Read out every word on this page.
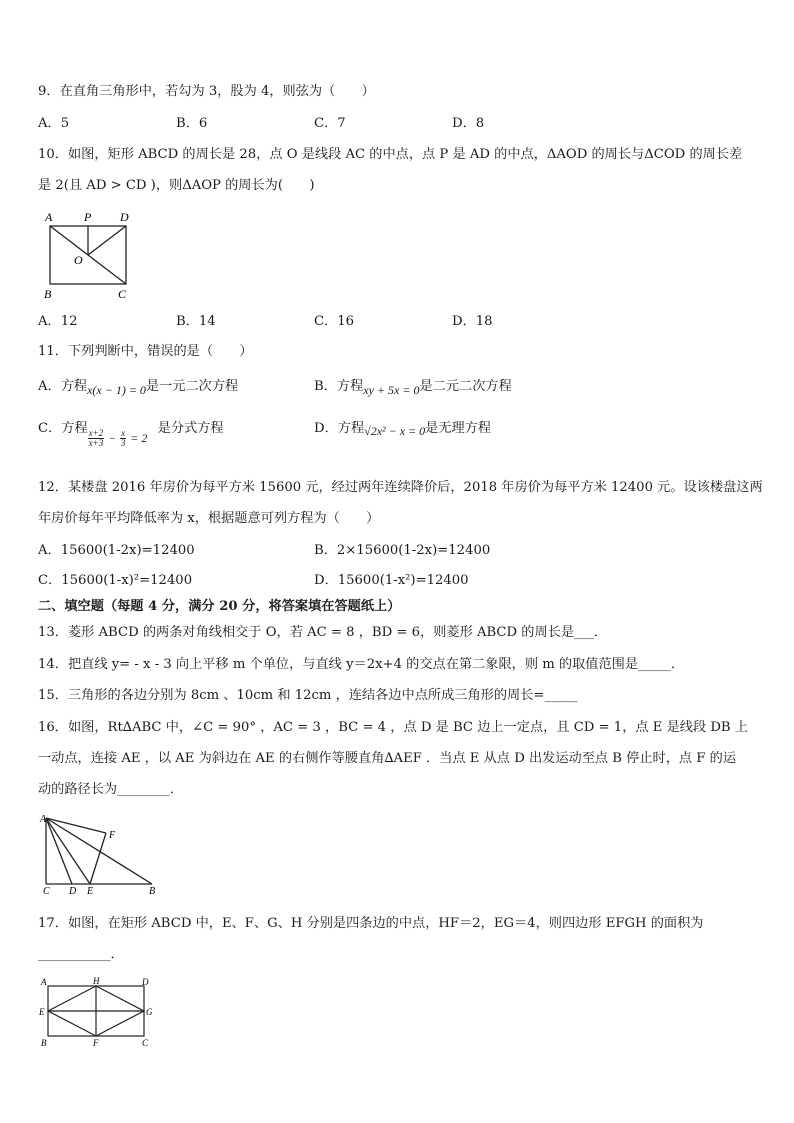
9．在直角三角形中，若勾为 3，股为 4，则弦为（　　）
A．5	B．6	C．7	D．8
10．如图，矩形 ABCD 的周长是 28，点 O 是线段 AC 的中点，点 P 是 AD 的中点，ΔAOD 的周长与ΔCOD 的周长差
是 2(且 AD > CD )，则ΔAOP 的周长为(　　)
A	P D
O
B	C
A．12	B．14	C．16	D．18
11．下列判断中，错误的是（　　）
A．方程x(x − 1) = 0是一元二次方程	B．方程xy + 5x = 0是二元二次方程
C．方程
$\frac{x+2}{x+3} - \frac{x}{3} = 2$是分式方程	D．方程√2x² − x = 0是无理方程
12．某楼盘 2016 年房价为每平方米 15600 元，经过两年连续降价后，2018 年房价为每平方米 12400 元。设该楼盘这两
年房价每年平均降低率为 x，根据题意可列方程为（　　）
A．15600(1-2x)=12400	B．2×15600(1-2x)=12400
C．15600(1-x)²=12400	D．15600(1-x²)=12400
二、填空题（每题 4 分，满分 20 分，将答案填在答题纸上）
13．菱形 ABCD 的两条对角线相交于 O，若 AC = 8 ，BD = 6，则菱形 ABCD 的周长是___．
14．把直线 y= - x - 3 向上平移 m 个单位，与直线 y＝2x+4 的交点在第二象限，则 m 的取值范围是_____．
15．三角形的各边分别为 8cm 、10cm 和 12cm ，连结各边中点所成三角形的周长=_____
16．如图，Rt∆ABC 中，∠C = 90° ，AC = 3 ，BC = 4 ，点 D 是 BC 边上一定点，且 CD = 1，点 E 是线段 DB 上
一动点，连接 AE ，以 AE 为斜边在 AE 的右侧作等腰直角∆AEF ．当点 E 从点 D 出发运动至点 B 停止时，点 F 的运
动的路径长为________．
A
F
C D E	B
17．如图，在矩形 ABCD 中，E、F、G、H 分别是四条边的中点，HF＝2，EG＝4，则四边形 EFGH 的面积为
___________．
A	H	D
E	G
B	F	C
